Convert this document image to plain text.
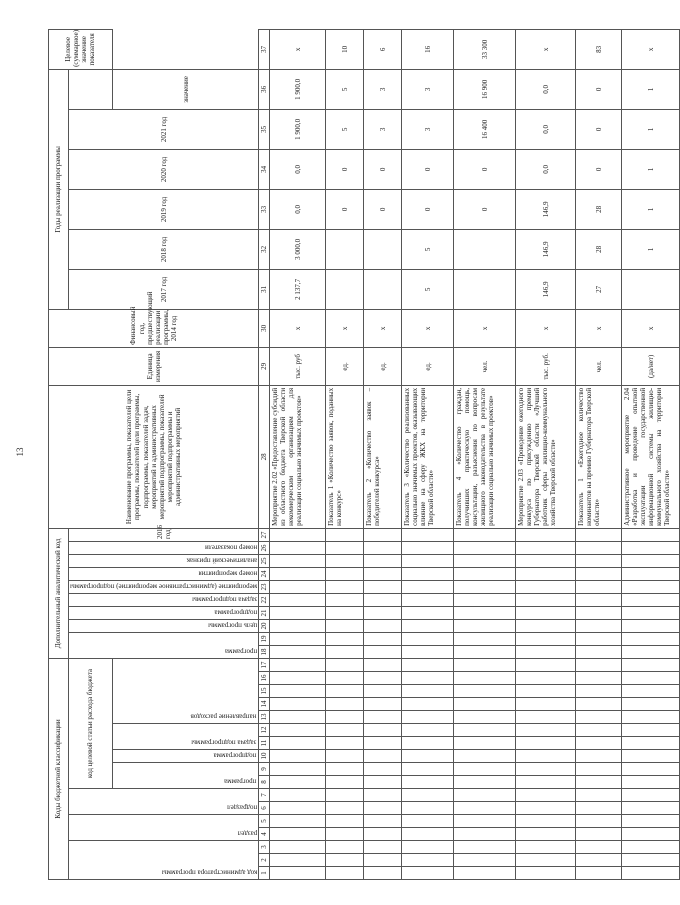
13
Коды бюджетной классификации																	Дополнительный аналитический код										Наименование программы, показателей цели программы, показателей цели программы, подпрограммы, показателей задач, мероприятий и административных мероприятий подпрограммы, показателей мероприятий подпрограммы и административных мероприятий	Единица измерения	Финансовый год, предшествующий реализации программы, 2014 год	Годы реализации программы						Целевое (суммарное) значение показателя
код администратора программы			раздел		подраздел		код целевой статьи расхода бюджета										программа		цель программы	подпрограмма	задача подпрограммы	мероприятие (административное мероприятие) подпрограммы	номер мероприятия	аналитический признак	номер показателя	2016 год				2017 год	2018 год	2019 год	2020 год	2021 год		
							программа		подпрограмма	задача подпрограммы		направление расходов																							значение	
1	2	3	4	5	6	7	8	9	10	11	12	13	14	15	16	17	18	19	20	21	22	23	24	25	26	27	28	29	30	31	32	33	34	35	36	37
																											Мероприятие 2.02 «Предоставление субсидий из областного бюджета Тверской области некоммерческим организациям для реализации социально значимых проектов»	тыс. руб	х	2 137,7	3 000,0	0,0	0,0	1 900,0	1 900,0	х
																											Показатель 1 «Количество заявок, поданных на конкурс»	ед.	х			0	0	5	5	10
																											Показатель 2 «Количество заявок – победителей конкурса»	ед.	х			0	0	3	3	6
																											Показатель 3 «Количество реализованных социально значимых проектов, оказывающих влияние на сферу ЖКХ на территории Тверской области»	ед.	х	5	5	0	0	3	3	16
																											Показатель 4 «Количество граждан, получивших практическую помощь, консультации, разъяснения по вопросам жилищного законодательства в результате реализации социально значимых проектов»	чел.	х			0	0	16 400	16 900	33 300
																											Мероприятие 2.03 «Проведение ежегодного конкурса по присуждению премии Губернатора Тверской области «Лучший работник сферы жилищно-коммунального хозяйства Тверской области»	тыс. руб.	х	146,9	146,9	146,9	0,0	0,0	0,0	х
																											Показатель 1 «Ежегодное количество номинантов на премию Губернатора Тверской области»	чел.	х	27	28	28	0	0	0	83
																											Административное мероприятие 2.04 «Разработка и проведение опытной эксплуатации государственной информационной системы жилищно-коммунального хозяйства на территории Тверской области»	(да/нет)	х		1	1	1	1	1	х
